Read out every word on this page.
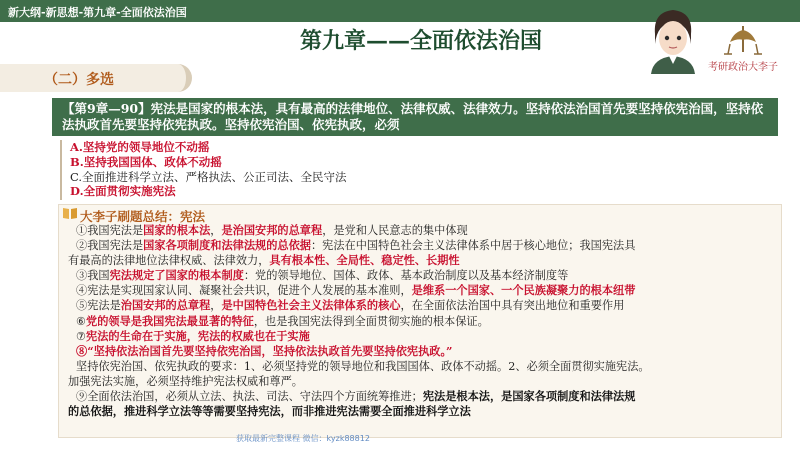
新大纲-新思想-第九章-全面依法治国
第九章——全面依法治国
考研政治大李子
（二）多选
【第9章—90】宪法是国家的根本法，具有最高的法律地位、法律权威、法律效力。坚持依法治国首先要坚持依宪治国，坚持依法执政首先要坚持依宪执政。坚持依宪治国、依宪执政，必须
A.坚持党的领导地位不动摇
B.坚持我国国体、政体不动摇
C.全面推进科学立法、严格执法、公正司法、全民守法
D.全面贯彻实施宪法
大李子刷题总结：宪法
①我国宪法是国家的根本法，是治国安邦的总章程，是党和人民意志的集中体现
②我国宪法是国家各项制度和法律法规的总依据：宪法在中国特色社会主义法律体系中居于核心地位；我国宪法具
有最高的法律地位法律权威、法律效力，具有根本性、全局性、稳定性、长期性
③我国宪法规定了国家的根本制度：党的领导地位、国体、政体、基本政治制度以及基本经济制度等
④宪法是实现国家认同、凝聚社会共识，促进个人发展的基本准则，是维系一个国家、一个民族凝聚力的根本纽带
⑤宪法是治国安邦的总章程，是中国特色社会主义法律体系的核心，在全面依法治国中具有突出地位和重要作用
⑥党的领导是我国宪法最显著的特征，也是我国宪法得到全面贯彻实施的根本保证。
⑦宪法的生命在于实施，宪法的权威也在于实施
⑧“坚持依法治国首先要坚持依宪治国，坚持依法执政首先要坚持依宪执政。”
坚持依宪治国、依宪执政的要求：1、必须坚持党的领导地位和我国国体、政体不动摇。2、必须全面贯彻实施宪法。
加强宪法实施，必须坚持维护宪法权威和尊严。
⑨全面依法治国，必须从立法、执法、司法、守法四个方面统筹推进；宪法是根本法，是国家各项制度和法律法规
的总依据，推进科学立法等等需要坚持宪法，而非推进宪法需要全面推进科学立法
获取最新完整课程 微信：kyzk88812
